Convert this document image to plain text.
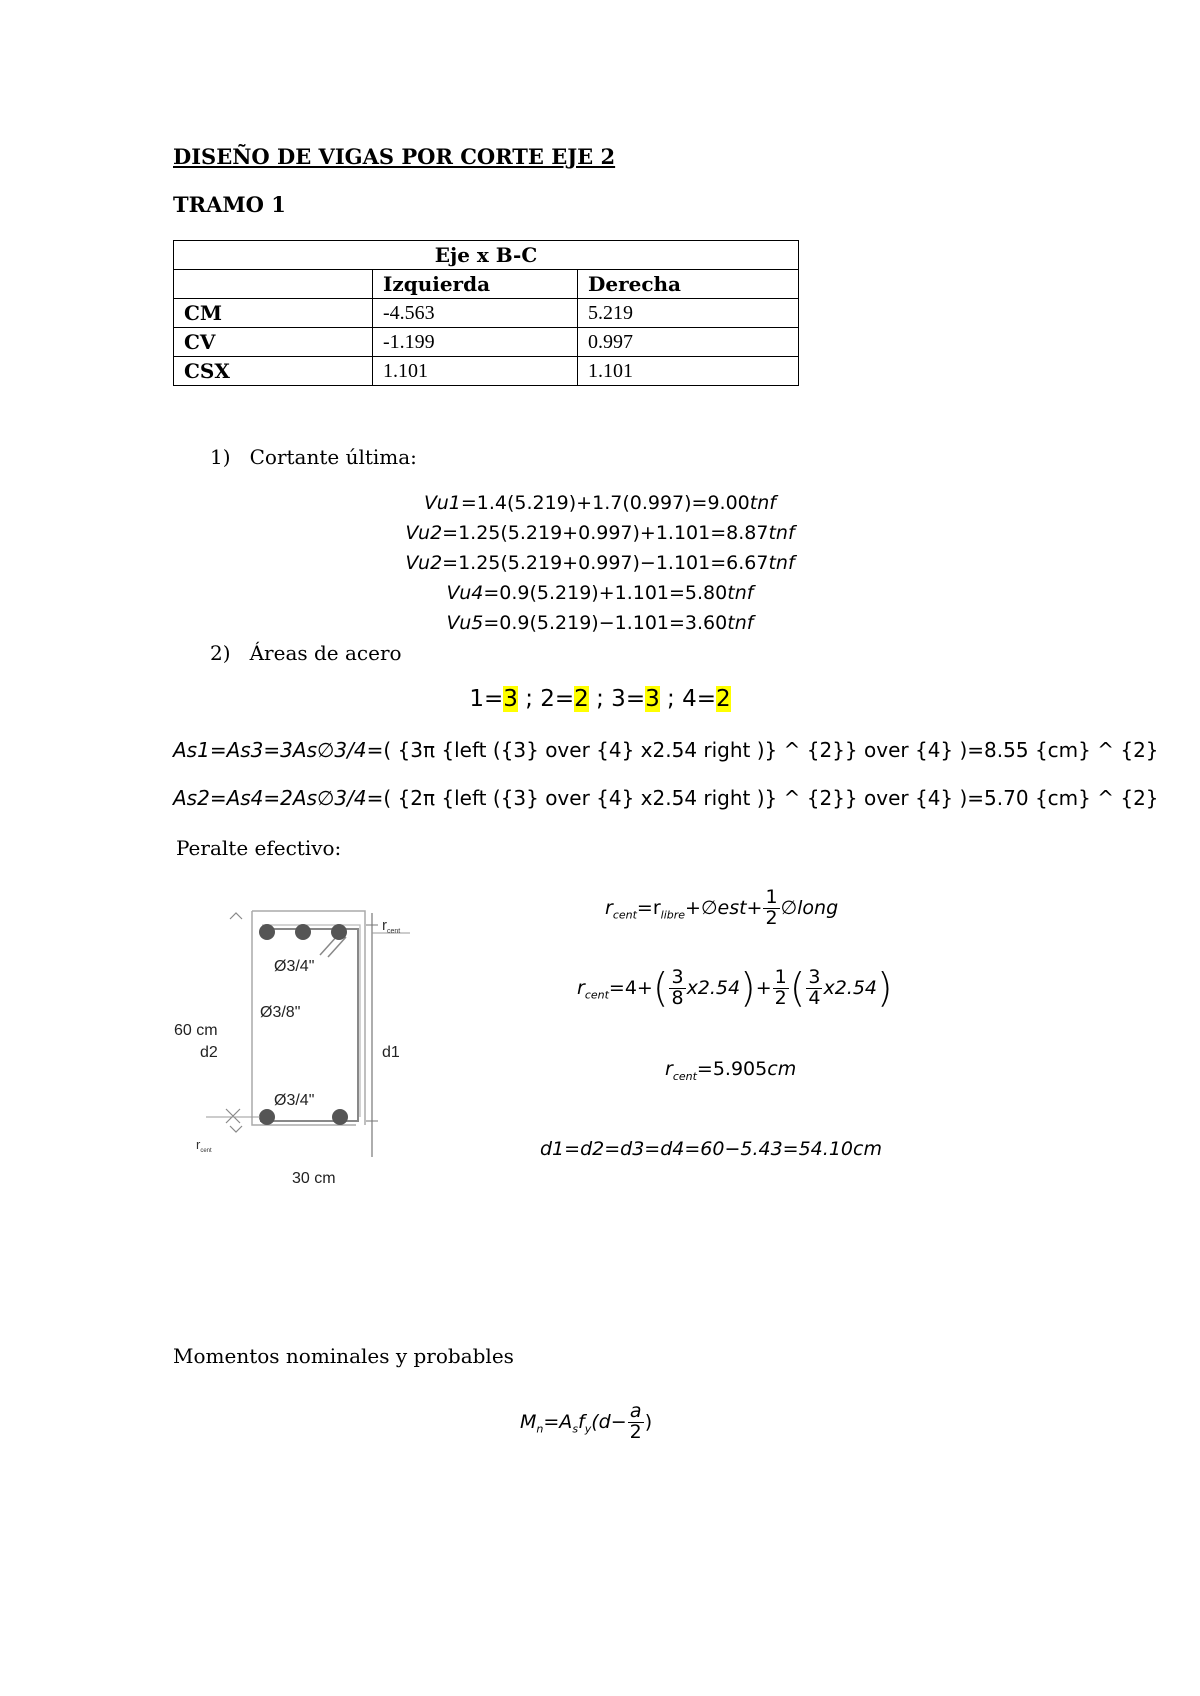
DISEÑO DE VIGAS POR CORTE EJE 2
TRAMO 1
Eje x B-C		
	Izquierda	Derecha
CM	-4.563	5.219
CV	-1.199	0.997
CSX	1.101	1.101
1) Cortante última:
Vu1=1.4(5.219)+1.7(0.997)=9.00tnf
Vu2=1.25(5.219+0.997)+1.101=8.87tnf
Vu2=1.25(5.219+0.997)−1.101=6.67tnf
Vu4=0.9(5.219)+1.101=5.80tnf
Vu5=0.9(5.219)−1.101=3.60tnf
2) Áreas de acero
1=3 ; 2=2 ; 3=3 ; 4=2
As1=As3=3As∅3/4=( {3π {left ({3} over {4} x2.54 right )} ^ {2}} over {4} )=8.55 {cm} ^ {2}
As2=As4=2As∅3/4=( {2π {left ({3} over {4} x2.54 right )} ^ {2}} over {4} )=5.70 {cm} ^ {2}
Peralte efectivo:
Ø3/4"
Ø3/8"
Ø3/4"
60 cm
d2	d1
30 cm
$r_{cent}$
$r_{cent}$
$r_{cent}=r_{libre}+\emptyset est+ \frac{1}{2}$ ∅long
$r_{cent}=4+( \frac{3}{8} x2.54)+ \frac{1}{2}$ ( $\frac{3}{4} x2.54$)
$r_{cent}=5.905cm$
d1=d2=d3=d4=60−5.43=54.10cm
Momentos nominales y probables
$M_n=A_sf_y(d- \frac{a}{2}$ )
